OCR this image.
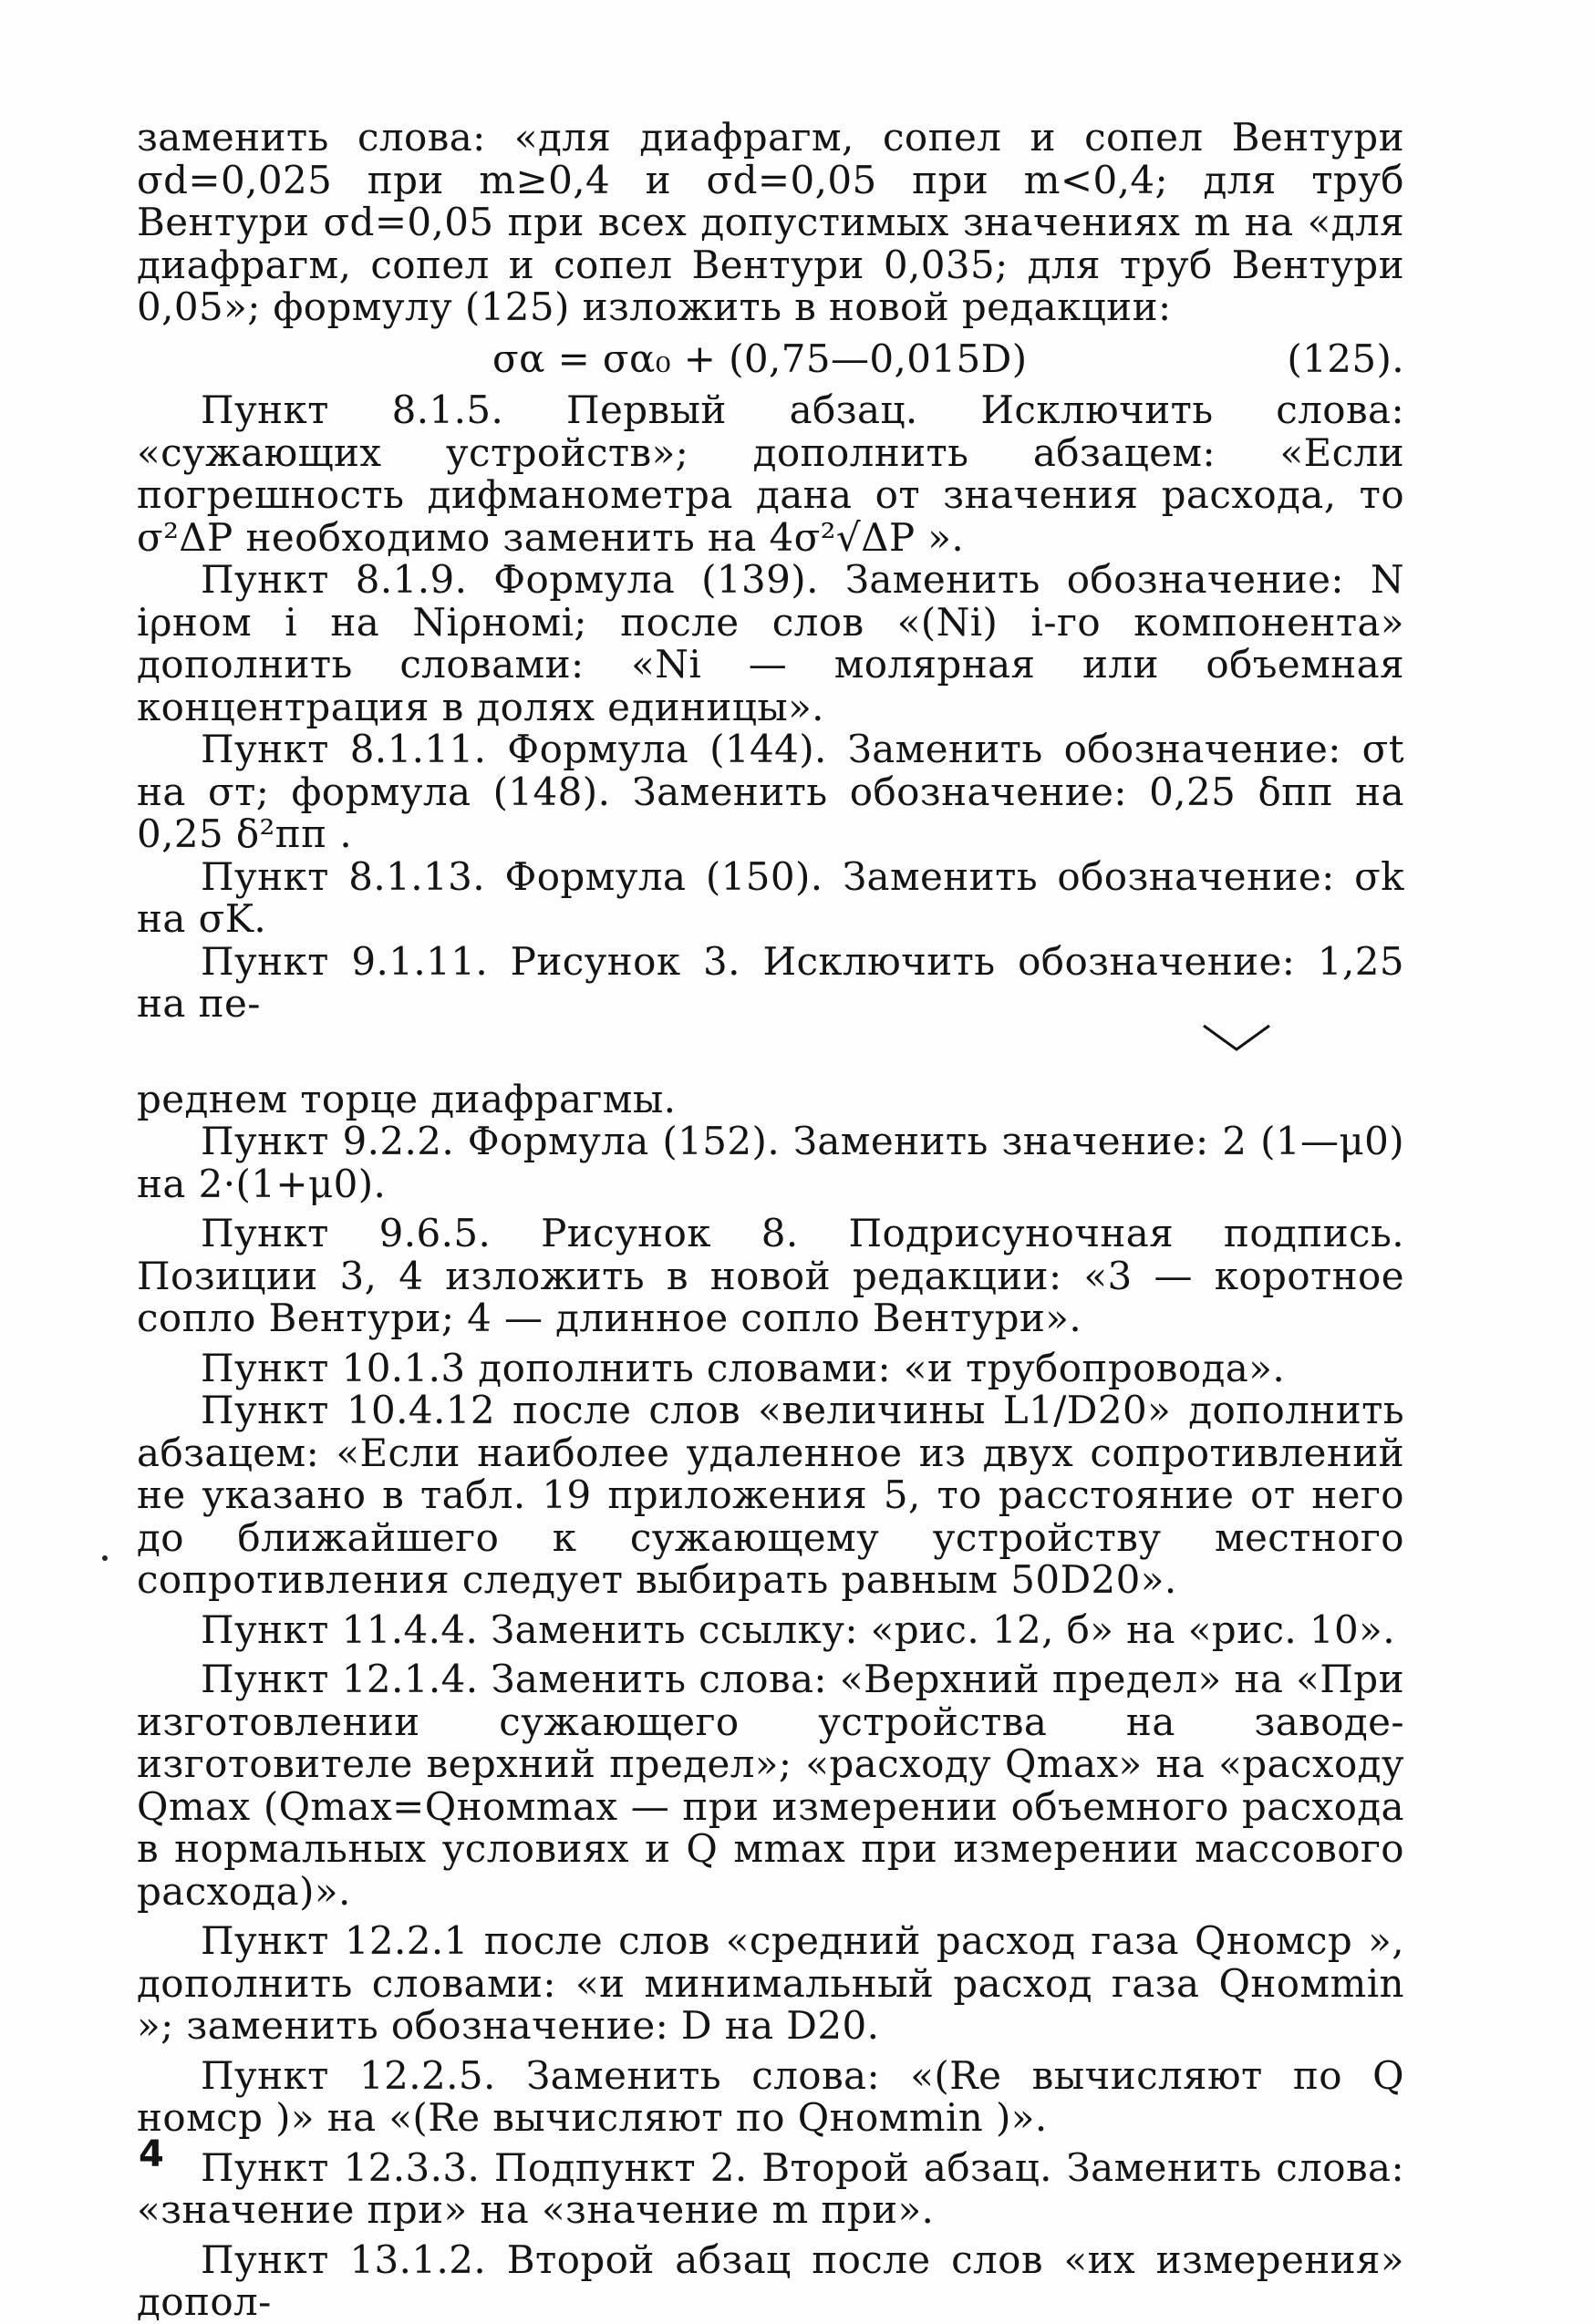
заменить слова: «для диафрагм, сопел и сопел Вентури σd=0,025 при m≥0,4 и σd=0,05 при m<0,4; для труб Вентури σd=0,05 при всех допустимых значениях m на «для диафрагм, сопел и сопел Вентури 0,035; для труб Вентури 0,05»; формулу (125) изложить в новой редакции:

σα = σα₀ + (0,75—0,015D)	(125).

Пункт 8.1.5. Первый абзац. Исключить слова: «сужающих устройств»; дополнить абзацем: «Если погрешность дифманометра дана от значения расхода, то σ²ΔP необходимо заменить на 4σ²√ΔP ».

Пункт 8.1.9. Формула (139). Заменить обозначение: N iρном i на Niρномi; после слов «(Ni) i-го компонента» дополнить словами: «Ni — молярная или объемная концентрация в долях единицы».

Пункт 8.1.11. Формула (144). Заменить обозначение: σt на σт; формула (148). Заменить обозначение: 0,25 δпп на 0,25 δ²пп .

Пункт 8.1.13. Формула (150). Заменить обозначение: σk на σK.

Пункт 9.1.11. Рисунок 3. Исключить обозначение: 1,25 на пе-

реднем торце диафрагмы.

Пункт 9.2.2. Формула (152). Заменить значение: 2 (1—μ0) на 2·(1+μ0).

Пункт 9.6.5. Рисунок 8. Подрисуночная подпись. Позиции 3, 4 изложить в новой редакции: «3 — коротное сопло Вентури; 4 — длинное сопло Вентури».

Пункт 10.1.3 дополнить словами: «и трубопровода».

Пункт 10.4.12 после слов «величины L1/D20» дополнить абзацем: «Если наиболее удаленное из двух сопротивлений не указано в табл. 19 приложения 5, то расстояние от него до ближайшего к сужающему устройству местного сопротивления следует выбирать равным 50D20».

Пункт 11.4.4. Заменить ссылку: «рис. 12, б» на «рис. 10».

Пункт 12.1.4. Заменить слова: «Верхний предел» на «При изготовлении сужающего устройства на заводе-изготовителе верхний предел»; «расходу Qmax» на «расходу Qmax (Qmax=Qномmax — при измерении объемного расхода в нормальных условиях и Q мmax при измерении массового расхода)».

Пункт 12.2.1 после слов «средний расход газа Qномср », дополнить словами: «и минимальный расход газа Qномmin »; заменить обозначение: D на D20.

Пункт 12.2.5. Заменить слова: «(Re вычисляют по Q номср )» на «(Re вычисляют по Qномmin )».

Пункт 12.3.3. Подпункт 2. Второй абзац. Заменить слова: «значение при» на «значение m при».

Пункт 13.1.2. Второй абзац после слов «их измерения» допол-

4
